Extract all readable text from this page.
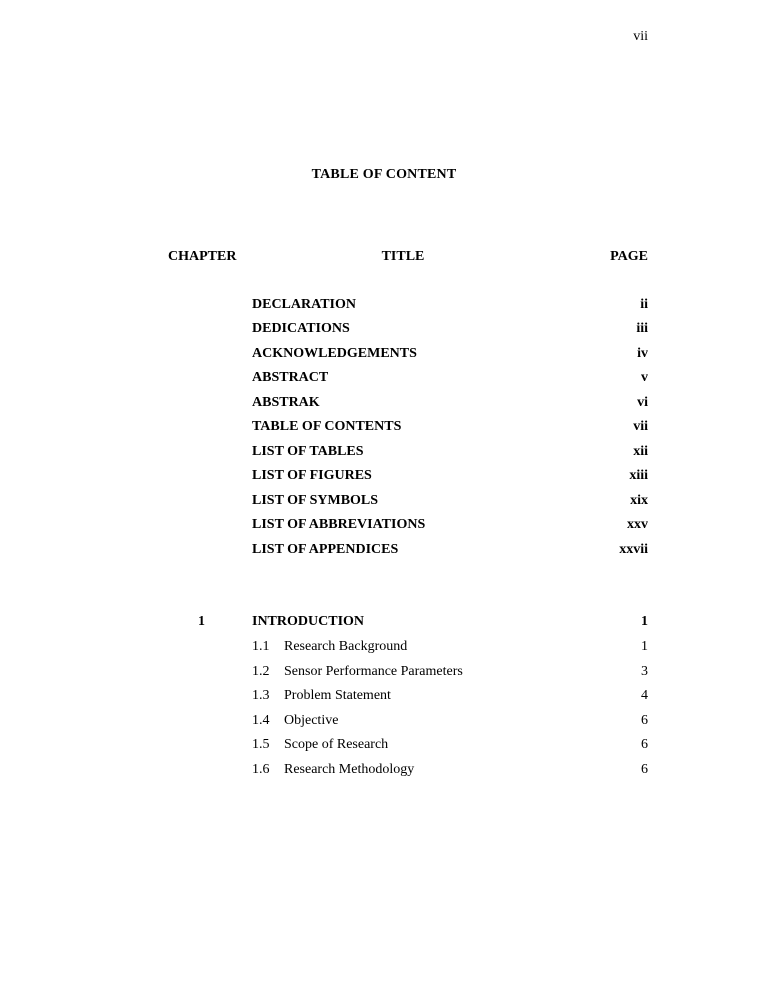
vii
TABLE OF CONTENT
CHAPTER	TITLE	PAGE
DECLARATION	ii
DEDICATIONS	iii
ACKNOWLEDGEMENTS	iv
ABSTRACT	v
ABSTRAK	vi
TABLE OF CONTENTS	vii
LIST OF TABLES	xii
LIST OF FIGURES	xiii
LIST OF SYMBOLS	xix
LIST OF ABBREVIATIONS	xxv
LIST OF APPENDICES	xxvii
1	INTRODUCTION	1
1.1 Research Background	1
1.2 Sensor Performance Parameters	3
1.3 Problem Statement	4
1.4 Objective	6
1.5 Scope of Research	6
1.6 Research Methodology	6
